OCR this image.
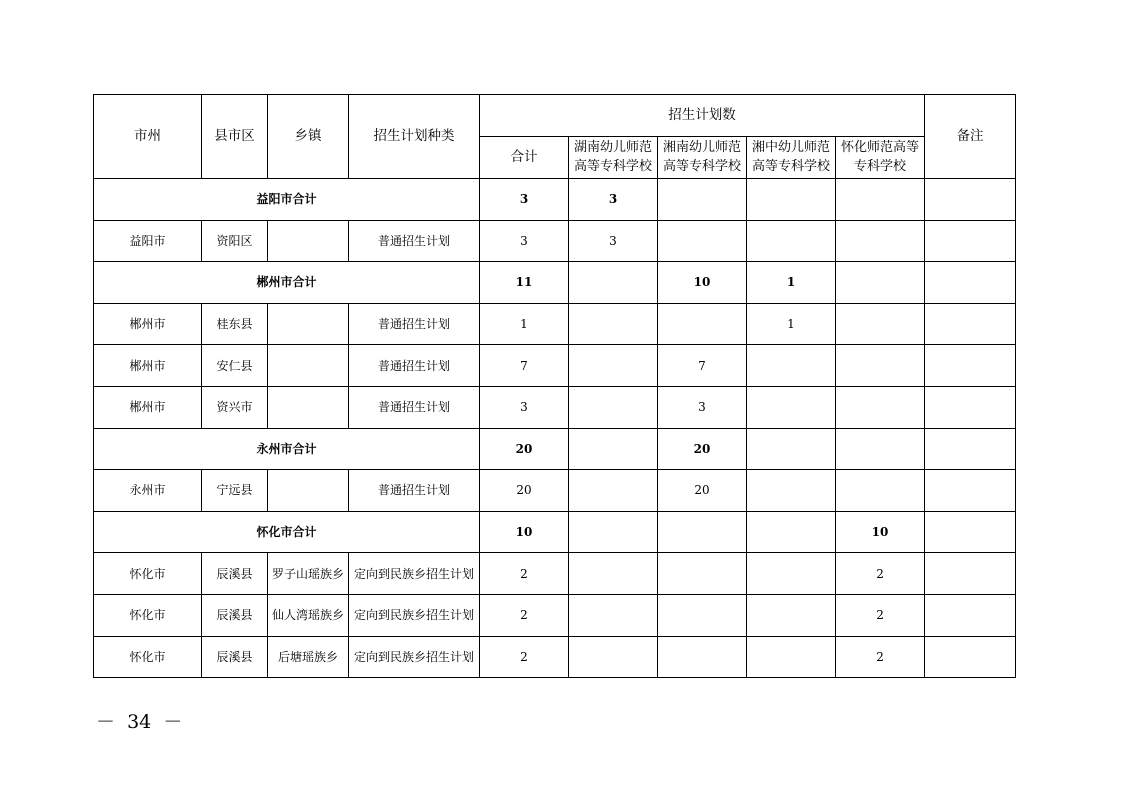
市州	县市区	乡镇	招生计划种类	招生计划数					备注
				合计	湖南幼儿师范高等专科学校	湘南幼儿师范高等专科学校	湘中幼儿师范高等专科学校	怀化师范高等专科学校	
益阳市合计				3	3				
益阳市	资阳区		普通招生计划	3	3				
郴州市合计				11		10	1		
郴州市	桂东县		普通招生计划	1			1		
郴州市	安仁县		普通招生计划	7		7			
郴州市	资兴市		普通招生计划	3		3			
永州市合计				20		20			
永州市	宁远县		普通招生计划	20		20			
怀化市合计				10				10	
怀化市	辰溪县	罗子山瑶族乡	定向到民族乡招生计划	2				2	
怀化市	辰溪县	仙人湾瑶族乡	定向到民族乡招生计划	2				2	
怀化市	辰溪县	后塘瑶族乡	定向到民族乡招生计划	2				2	
－  34  －
